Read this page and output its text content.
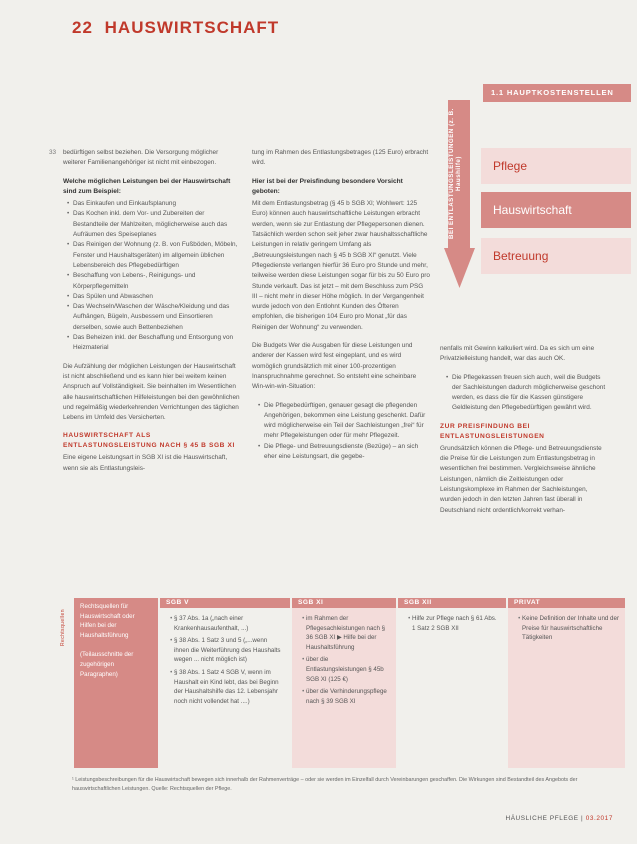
22 HAUSWIRTSCHAFT
33 bedürftigen selbst beziehen. Die Versorgung möglicher weiterer Familienangehöriger ist nicht mit einbezogen.

Welche möglichen Leistungen bei der Hauswirtschaft sind zum Beispiel:
• Das Einkaufen und Einkaufsplanung
• Das Kochen inkl. dem Vor- und Zubereiten der Bestandteile der Mahlzeiten, möglicherweise auch das Aufräumen des Speiseplanes
• Das Reinigen der Wohnung (z. B. von Fußböden, Möbeln, Fenster und Haushaltsgeräten) im allgemein üblichen Lebensbereich des Pflegebedürftigen
• Beschaffung von Lebens-, Reinigungs- und Körperpflegemitteln
• Das Spülen und Abwaschen
• Das Wechseln/Waschen der Wäsche/Kleidung und das Aufhängen, Bügeln, Ausbessern und Einsortieren derselben, sowie auch Bettenbeziehen
• Das Beheizen inkl. der Beschaffung und Entsorgung von Heizmaterial

Die Aufzählung der möglichen Leistungen der Hauswirtschaft ist nicht abschließend und es kann hier bei weitem keinen Anspruch auf Vollständigkeit. Sie beinhalten im Wesentlichen alle hauswirtschaftlichen Hilfeleistungen bei den gewöhnlichen und regelmäßig wiederkehrenden Verrichtungen des täglichen Lebens im Umfeld des Versicherten.

HAUSWIRTSCHAFT ALS ENTLASTUNGSLEISTUNG NACH § 45 B SGB XI

Eine eigene Leistungsart in SGB XI ist die Hauswirtschaft, wenn sie als Entlastungsleis-

tung im Rahmen des Entlastungsbetrages (125 Euro) erbracht wird.

Hier ist bei der Preisfindung besondere Vorsicht geboten:

Mit dem Entlastungsbetrag (§ 45 b SGB XI; Wohlwert: 125 Euro) können auch hauswirtschaftliche Leistungen erbracht werden, wenn sie zur Entlastung der Pflegepersonen dienen. Tatsächlich werden schon seit jeher zwar haushaltsschaftliche Leistungen in relativ geringem Umfang als „Betreuungsleistungen nach § 45 b SGB XI“ genutzt. Viele Pflegedienste verlangen hierfür 36 Euro pro Stunde und mehr, teilweise werden diese Leistungen sogar für bis zu 50 Euro pro Stunde verkauft. Das ist jetzt – mit dem Beschluss zum PSG III – nicht mehr in dieser Höhe möglich. In der Vergangenheit wurde jedoch von den Entlohnt Kunden des Öfteren empfohlen, die bisherigen 104 Euro pro Monat „für das Reinigen der Wohnung“ zu verwenden.

Die Budgets Wer die Ausgaben für diese Leistungen und anderer der Kassen wird fest eingeplant, und es wird womöglich grundsätzlich mit einer 100-prozentigen Inanspruchnahme gerechnet. So entsteht eine scheinbare Win-win-win-Situation:

1. Die Pflegebedürftigen, genauer gesagt die pflegenden Angehörigen, bekommen eine Leistung geschenkt. Dafür wird möglicherweise ein Teil der Sachleistungen „frei“ für mehr Pflegeleistungen oder für mehr Pflegezeit.
2. Die Pflege- und Betreuungsdienste (Bezüge) – an sich eher eine Leistungsart, die gegebe-
1.1 HAUPTKOSTENSTELLEN
BEI ENTLASTUNGSLEISTUNGEN (z. B. Haushilfe)	Pflege
Hauswirtschaft
Betreuung

nenfalls mit Gewinn kalkuliert wird. Da es sich um eine Privatzielleistung handelt, war das auch OK.

3. Die Pflegekassen freuen sich auch, weil die Budgets der Sachleistungen dadurch möglicherweise geschont werden, es dass die für die Kassen günstigere Geldleistung den Pflegebedürftigen gewährt wird.
ZUR PREISFINDUNG BEI ENTLASTUNGSLEISTUNGEN

Grundsätzlich können die Pflege- und Betreuungsdienste die Preise für die Leistungen zum Entlastungsbetrag in wesentlichen frei bestimmen. Vergleichsweise ähnliche Leistungen, nämlich die Zeitleistungen oder Leistungskomplexe im Rahmen der Sachleistungen, wurden jedoch in den letzten Jahren fast überall in Deutschland nicht ordentlich/korrekt verhan-

Rechtsquellen
Rechtsquellen für Hauswirtschaft oder Hilfen bei der Haushaltsführung
(Teilausschnitte der zugehörigen Paragraphen)
SGB V
• § 37 Abs. 1a („nach einer Krankenhausaufenthalt, ...)
• § 38 Abs. 1 Satz 3 und 5 („...wenn ihnen die Weiterführung des Haushalts wegen ... nicht möglich ist)
• § 38 Abs. 1 Satz 4 SGB V, wenn im Haushalt ein Kind lebt, das bei Beginn der Haushaltshilfe das 12. Lebensjahr noch nicht vollendet hat ....)
SGB XI
• im Rahmen der Pflegesachleistungen nach § 36 SGB XI ▶ Hilfe bei der Haushaltsführung
• über die Entlastungsleistungen § 45b SGB XI (125 €)
• über die Verhinderungspflege nach § 39 SGB XI
SGB XII
• Hilfe zur Pflege nach § 61 Abs. 1 Satz 2 SGB XII
PRIVAT
• Keine Definition der Inhalte und der Preise für hauswirtschaftliche Tätigkeiten
¹ Leistungsbeschreibungen für die Hauswirtschaft bewegen sich innerhalb der Rahmenverträge – oder sie werden im Einzelfall durch Vereinbarungen geschaffen. Die Wirkungen sind Bestandteil des Angebots der hauswirtschaftlichen Leistungen. Quelle: Rechtsquellen der Pflege.
HÄUSLICHE PFLEGE | 03.2017
